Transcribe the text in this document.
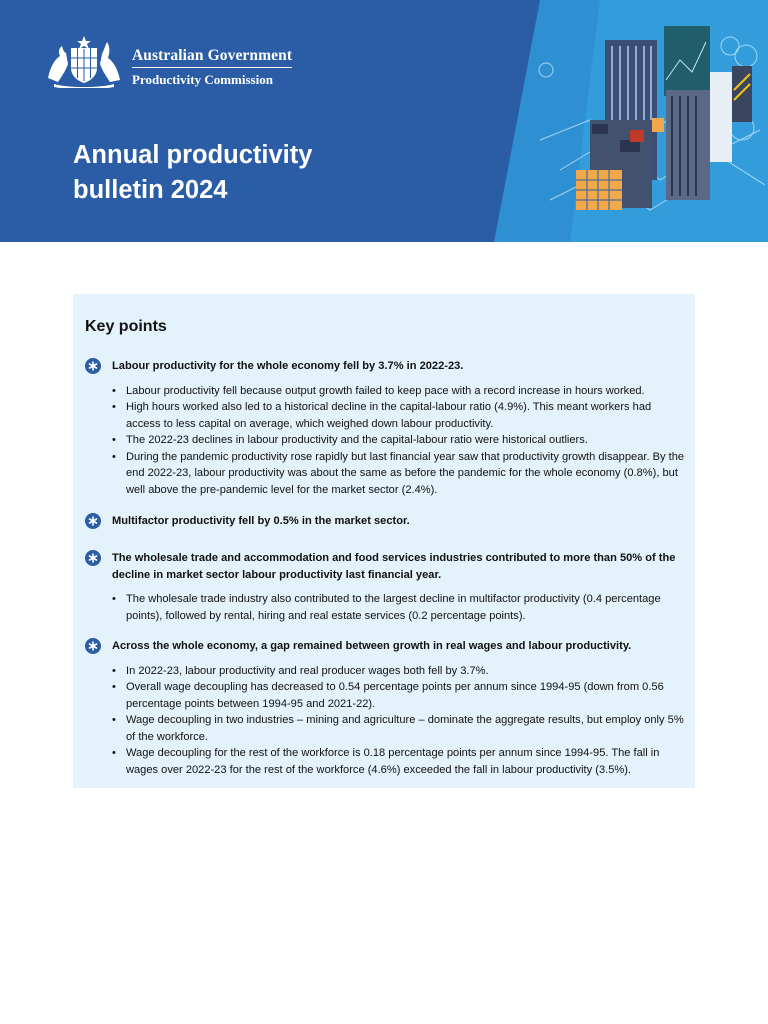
Australian Government
Productivity Commission
Annual productivity
bulletin 2024
Key points
Labour productivity for the whole economy fell by 3.7% in 2022-23.
• Labour productivity fell because output growth failed to keep pace with a record increase in hours worked.
• High hours worked also led to a historical decline in the capital-labour ratio (4.9%). This meant workers had access to less capital on average, which weighed down labour productivity.
• The 2022-23 declines in labour productivity and the capital-labour ratio were historical outliers.
• During the pandemic productivity rose rapidly but last financial year saw that productivity growth disappear. By the end 2022-23, labour productivity was about the same as before the pandemic for the whole economy (0.8%), but well above the pre-pandemic level for the market sector (2.4%).
Multifactor productivity fell by 0.5% in the market sector.
The wholesale trade and accommodation and food services industries contributed to more than 50% of the decline in market sector labour productivity last financial year.
• The wholesale trade industry also contributed to the largest decline in multifactor productivity (0.4 percentage points), followed by rental, hiring and real estate services (0.2 percentage points).
Across the whole economy, a gap remained between growth in real wages and labour productivity.
• In 2022-23, labour productivity and real producer wages both fell by 3.7%.
• Overall wage decoupling has decreased to 0.54 percentage points per annum since 1994-95 (down from 0.56 percentage points between 1994-95 and 2021-22).
• Wage decoupling in two industries – mining and agriculture – dominate the aggregate results, but employ only 5% of the workforce.
• Wage decoupling for the rest of the workforce is 0.18 percentage points per annum since 1994-95. The fall in wages over 2022-23 for the rest of the workforce (4.6%) exceeded the fall in labour productivity (3.5%).
